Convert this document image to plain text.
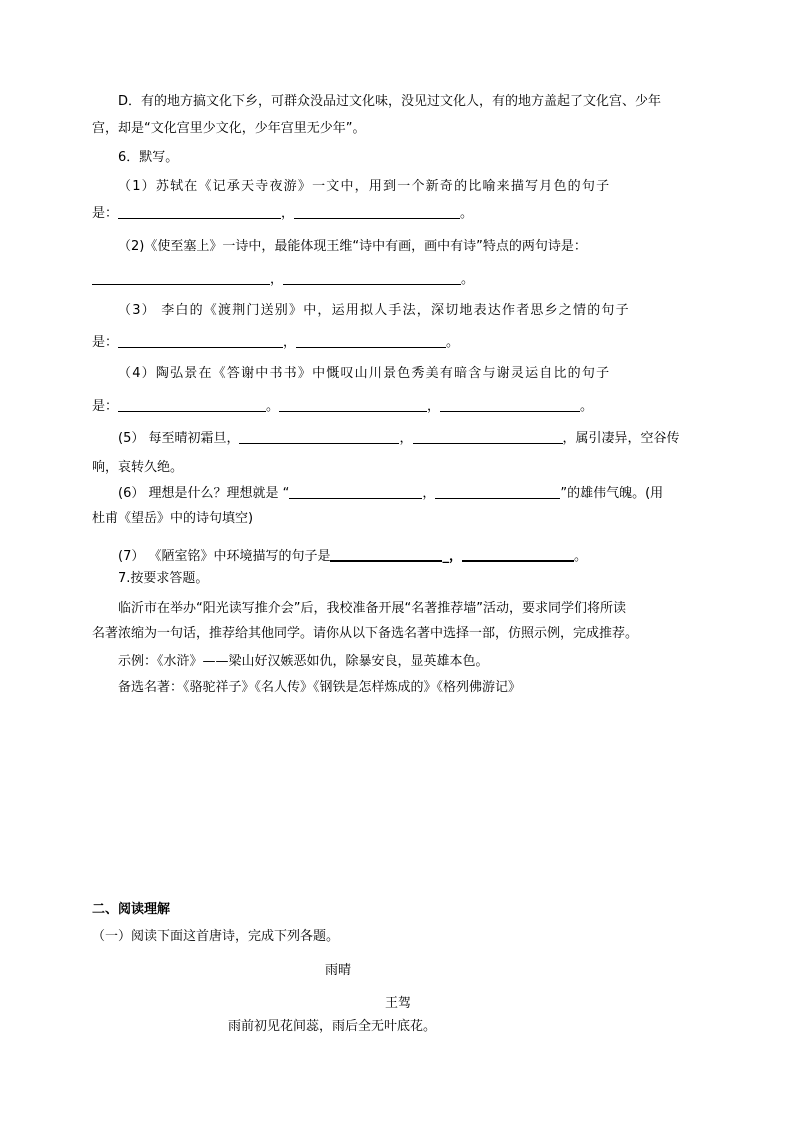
D．有的地方搞文化下乡，可群众没品过文化味，没见过文化人，有的地方盖起了文化宫、少年
宫，却是“文化宫里少文化，少年宫里无少年”。
6．默写。
（1）苏轼在《记承天寺夜游》一文中，用到一个新奇的比喻来描写月色的句子
是：	，	。
（2)《使至塞上》一诗中，最能体现王维“诗中有画，画中有诗”特点的两句诗是：
，	。
（3） 李白的《渡荆门送别》中，运用拟人手法，深切地表达作者思乡之情的句子
是：	，	。
（4）陶弘景在《答谢中书书》中慨叹山川景色秀美有暗含与谢灵运自比的句子
是：	。	，	。
(5） 每至晴初霜旦，	，	，属引凄异，空谷传
响，哀转久绝。
(6） 理想是什么？理想就是 “	，	”的雄伟气魄。(用
杜甫《望岳》中的诗句填空)
(7） 《陋室铭》中环境描写的句子是	_，	。
7.按要求答题。
临沂市在举办“阳光读写推介会”后，我校准备开展“名著推荐墙”活动，要求同学们将所读
名著浓缩为一句话，推荐给其他同学。请你从以下备选名著中选择一部，仿照示例，完成推荐。
示例：《水浒》——梁山好汉嫉恶如仇，除暴安良，显英雄本色。
备选名著：《骆驼祥子》《名人传》《钢铁是怎样炼成的》《格列佛游记》
二、阅读理解
（一）阅读下面这首唐诗，完成下列各题。
雨晴
王驾
雨前初见花间蕊，雨后全无叶底花。
